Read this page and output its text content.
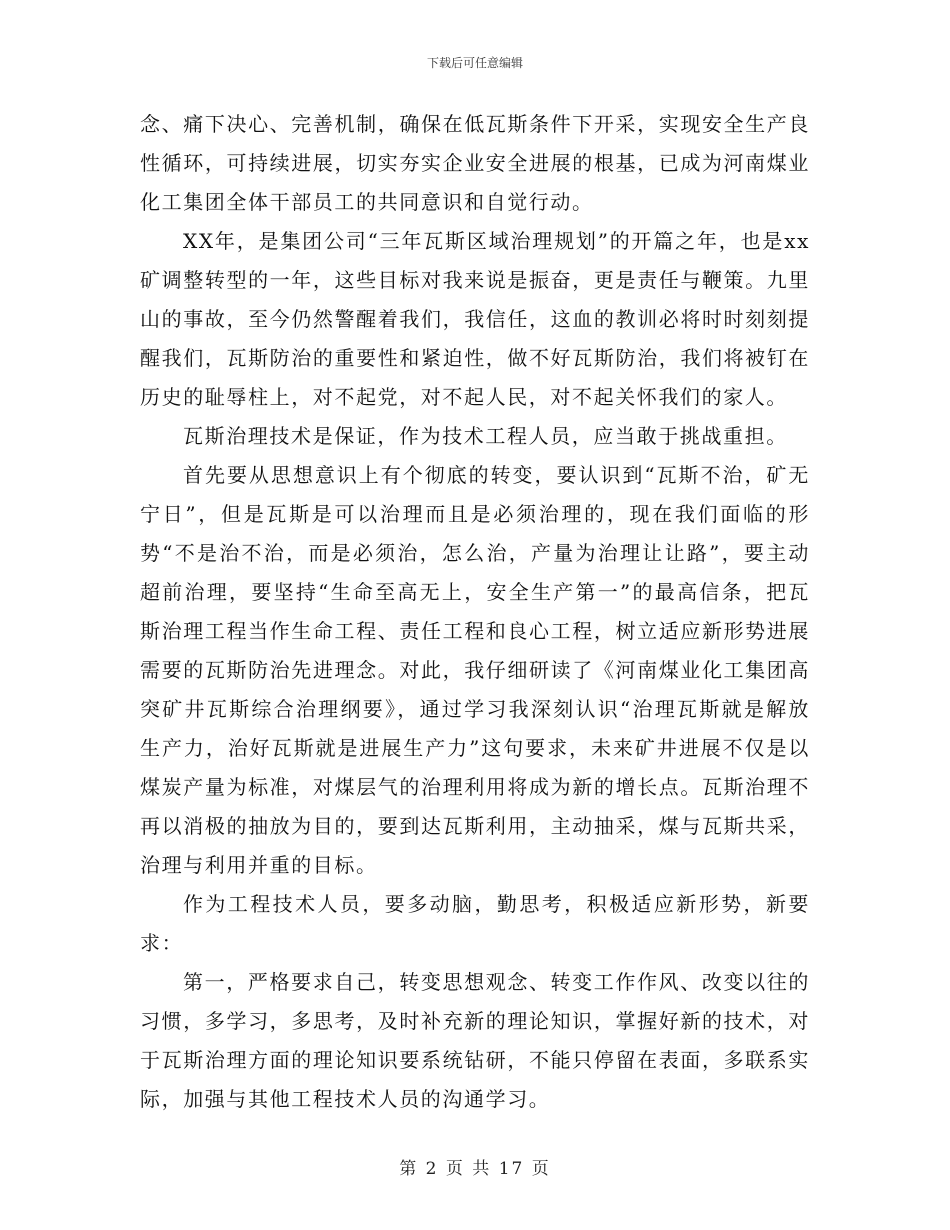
下载后可任意编辑

念、痛下决心、完善机制，确保在低瓦斯条件下开采，实现安全生产良性循环，可持续进展，切实夯实企业安全进展的根基，已成为河南煤业化工集团全体干部员工的共同意识和自觉行动。

XX年，是集团公司“三年瓦斯区域治理规划”的开篇之年，也是xx矿调整转型的一年，这些目标对我来说是振奋，更是责任与鞭策。九里山的事故，至今仍然警醒着我们，我信任，这血的教训必将时时刻刻提醒我们，瓦斯防治的重要性和紧迫性，做不好瓦斯防治，我们将被钉在历史的耻辱柱上，对不起党，对不起人民，对不起关怀我们的家人。

瓦斯治理技术是保证，作为技术工程人员，应当敢于挑战重担。

首先要从思想意识上有个彻底的转变，要认识到“瓦斯不治，矿无宁日”，但是瓦斯是可以治理而且是必须治理的，现在我们面临的形势“不是治不治，而是必须治，怎么治，产量为治理让让路”，要主动超前治理，要坚持“生命至高无上，安全生产第一”的最高信条，把瓦斯治理工程当作生命工程、责任工程和良心工程，树立适应新形势进展需要的瓦斯防治先进理念。对此，我仔细研读了《河南煤业化工集团高突矿井瓦斯综合治理纲要》，通过学习我深刻认识“治理瓦斯就是解放生产力，治好瓦斯就是进展生产力”这句要求，未来矿井进展不仅是以煤炭产量为标准，对煤层气的治理利用将成为新的增长点。瓦斯治理不再以消极的抽放为目的，要到达瓦斯利用，主动抽采，煤与瓦斯共采，治理与利用并重的目标。

作为工程技术人员，要多动脑，勤思考，积极适应新形势，新要求：

第一，严格要求自己，转变思想观念、转变工作作风、改变以往的习惯，多学习，多思考，及时补充新的理论知识，掌握好新的技术，对于瓦斯治理方面的理论知识要系统钻研，不能只停留在表面，多联系实际，加强与其他工程技术人员的沟通学习。

第 2 页 共 17 页
